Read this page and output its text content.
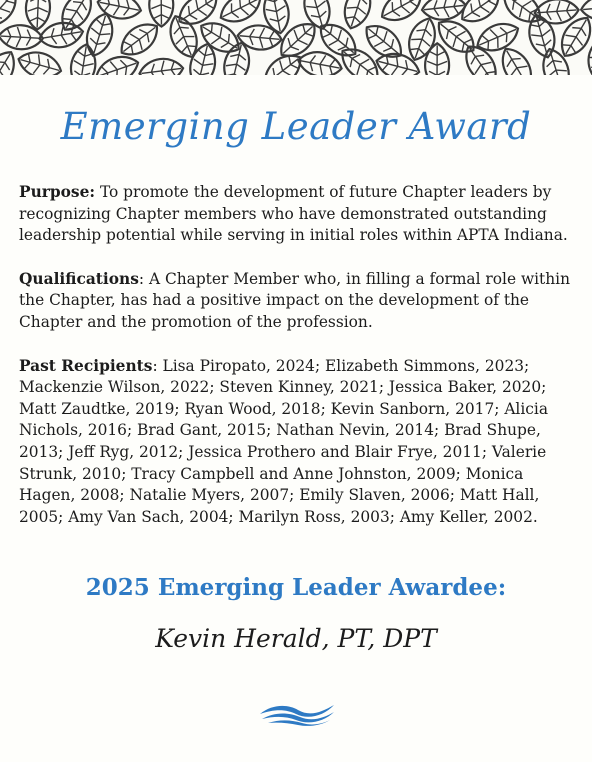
Emerging Leader Award

Purpose: To promote the development of future Chapter leaders by recognizing Chapter members who have demonstrated outstanding leadership potential while serving in initial roles within APTA Indiana.

Qualifications: A Chapter Member who, in filling a formal role within the Chapter, has had a positive impact on the development of the Chapter and the promotion of the profession.

Past Recipients: Lisa Piropato, 2024; Elizabeth Simmons, 2023; Mackenzie Wilson, 2022; Steven Kinney, 2021; Jessica Baker, 2020; Matt Zaudtke, 2019; Ryan Wood, 2018; Kevin Sanborn, 2017; Alicia Nichols, 2016; Brad Gant, 2015; Nathan Nevin, 2014; Brad Shupe, 2013; Jeff Ryg, 2012; Jessica Prothero and Blair Frye, 2011; Valerie Strunk, 2010; Tracy Campbell and Anne Johnston, 2009; Monica Hagen, 2008; Natalie Myers, 2007; Emily Slaven, 2006; Matt Hall, 2005; Amy Van Sach, 2004; Marilyn Ross, 2003; Amy Keller, 2002.

2025 Emerging Leader Awardee:

Kevin Herald, PT, DPT
